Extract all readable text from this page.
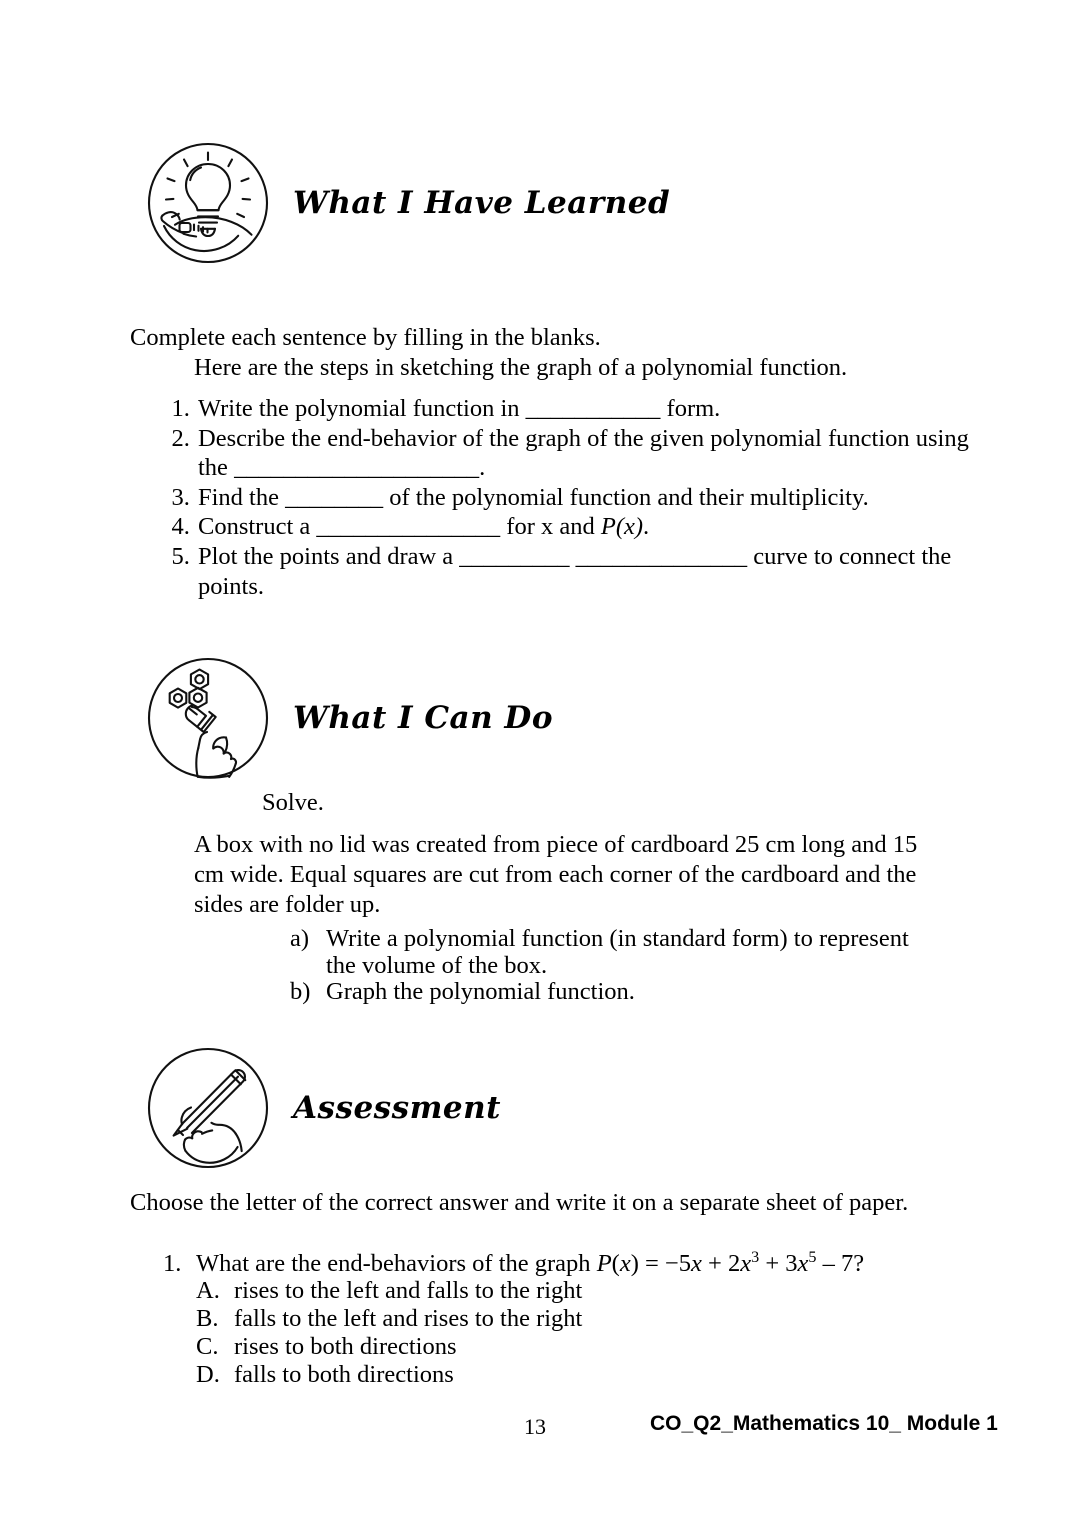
What I Have Learned
Complete each sentence by filling in the blanks.
Here are the steps in sketching the graph of a polynomial function.
1. Write the polynomial function in ___________ form.
2. Describe the end-behavior of the graph of the given polynomial function using the ____________________.
3. Find the ________ of the polynomial function and their multiplicity.
4. Construct a _______________ for x and P(x).
5. Plot the points and draw a _________ ______________ curve to connect the points.
What I Can Do
Solve.
A box with no lid was created from piece of cardboard 25 cm long and 15 cm wide. Equal squares are cut from each corner of the cardboard and the sides are folder up.
a) Write a polynomial function (in standard form) to represent the volume of the box.
b) Graph the polynomial function.
Assessment
Choose the letter of the correct answer and write it on a separate sheet of paper.
1. What are the end-behaviors of the graph $P(x) = -5x + 2x^3 + 3x^5 - 7$?
A. rises to the left and falls to the right
B. falls to the left and rises to the right
C. rises to both directions
D. falls to both directions
13	CO_Q2_Mathematics 10_ Module 1
